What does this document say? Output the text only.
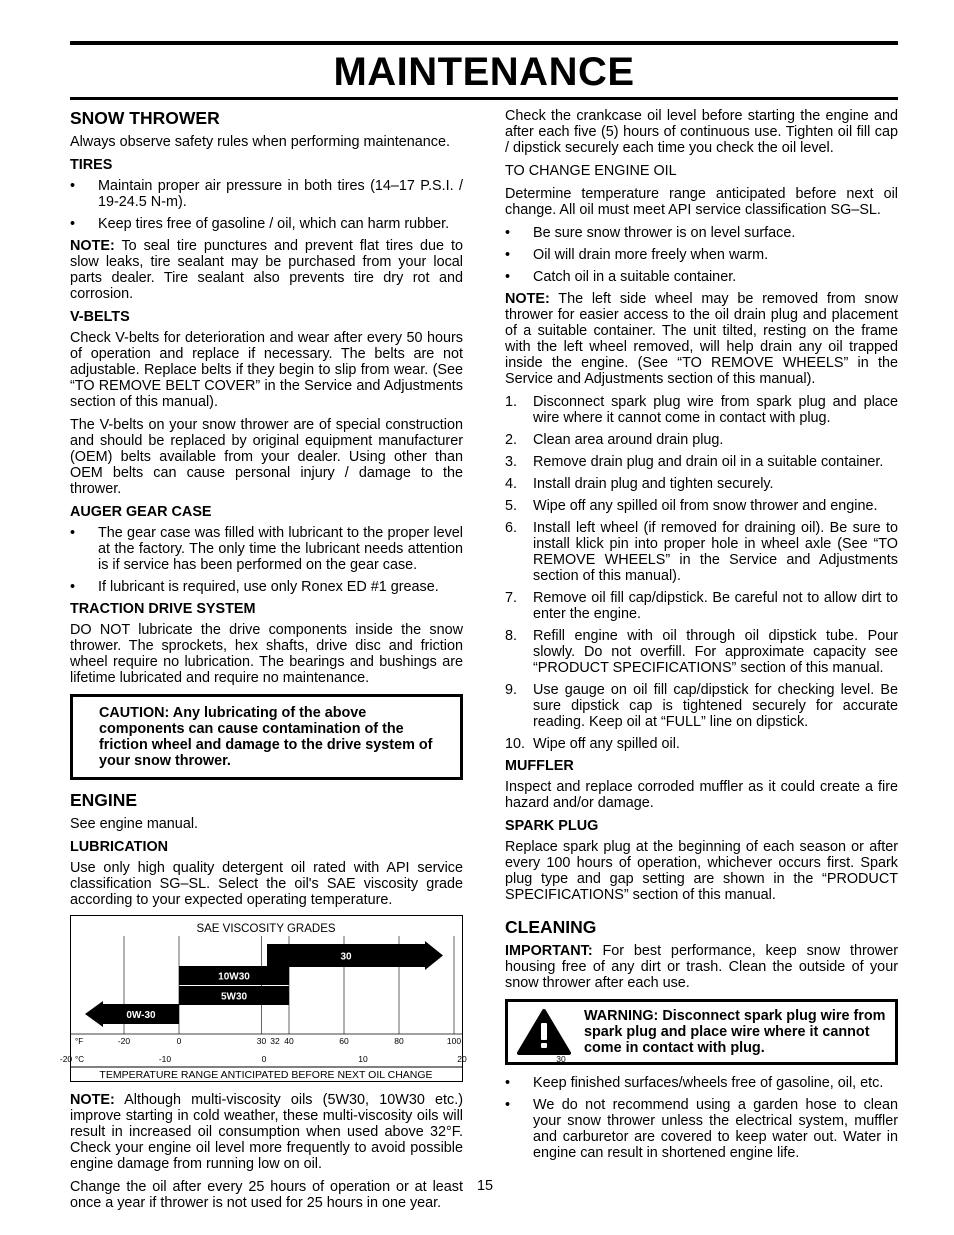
MAINTENANCE
SNOW THROWER

Always observe safety rules when performing maintenance.

TIRES
• Maintain proper air pressure in both tires (14–17 P.S.I. / 19-24.5 N-m).
• Keep tires free of gasoline / oil, which can harm rubber.

NOTE: To seal tire punctures and prevent flat tires due to slow leaks, tire sealant may be purchased from your local parts dealer. Tire sealant also prevents tire dry rot and corrosion.

V-BELTS

Check V-belts for deterioration and wear after every 50 hours of operation and replace if necessary. The belts are not adjustable. Replace belts if they begin to slip from wear. (See “TO REMOVE BELT COVER” in the Service and Adjustments section of this manual).

The V-belts on your snow thrower are of special construction and should be replaced by original equipment manufacturer (OEM) belts available from your dealer. Using other than OEM belts can cause personal injury / damage to the thrower.

AUGER GEAR CASE
• The gear case was filled with lubricant to the proper level at the factory. The only time the lubricant needs attention is if service has been performed on the gear case.
• If lubricant is required, use only Ronex ED #1 grease.
TRACTION DRIVE SYSTEM

DO NOT lubricate the drive components inside the snow thrower. The sprockets, hex shafts, drive disc and friction wheel require no lubrication. The bearings and bushings are lifetime lubricated and require no maintenance.

CAUTION: Any lubricating of the above components can cause contamination of the friction wheel and damage to the drive system of your snow thrower.
ENGINE

See engine manual.

LUBRICATION

Use only high quality detergent oil rated with API service classification SG–SL. Select the oil's SAE viscosity grade according to your expected operating temperature.

SAE VISCOSITY GRADES
30
10W30
5W30
0W-30
-20	0	30 32 40	60	80	100
-20	-10	0	10	20	30
°F
°C
TEMPERATURE RANGE ANTICIPATED BEFORE NEXT OIL CHANGE

NOTE: Although multi-viscosity oils (5W30, 10W30 etc.) improve starting in cold weather, these multi-viscosity oils will result in increased oil consumption when used above 32°F. Check your engine oil level more frequently to avoid possible engine damage from running low on oil.

Change the oil after every 25 hours of operation or at least once a year if thrower is not used for 25 hours in one year.

Check the crankcase oil level before starting the engine and after each five (5) hours of continuous use. Tighten oil fill cap / dipstick securely each time you check the oil level.

TO CHANGE ENGINE OIL

Determine temperature range anticipated before next oil change. All oil must meet API service classification SG–SL.

• Be sure snow thrower is on level surface.
• Oil will drain more freely when warm.
• Catch oil in a suitable container.

NOTE: The left side wheel may be removed from snow thrower for easier access to the oil drain plug and placement of a suitable container. The unit tilted, resting on the frame with the left wheel removed, will help drain any oil trapped inside the engine. (See “TO REMOVE WHEELS” in the Service and Adjustments section of this manual).

1. Disconnect spark plug wire from spark plug and place wire where it cannot come in contact with plug.
2. Clean area around drain plug.
3. Remove drain plug and drain oil in a suitable container.
4. Install drain plug and tighten securely.
5. Wipe off any spilled oil from snow thrower and engine.
6. Install left wheel (if removed for draining oil). Be sure to install klick pin into proper hole in wheel axle (See “TO REMOVE WHEELS” in the Service and Adjustments section of this manual).
7. Remove oil fill cap/dipstick. Be careful not to allow dirt to enter the engine.
8. Refill engine with oil through oil dipstick tube. Pour slowly. Do not overfill. For approximate capacity see “PRODUCT SPECIFICATIONS” section of this manual.
9. Use gauge on oil fill cap/dipstick for checking level. Be sure dipstick cap is tightened securely for accurate reading. Keep oil at “FULL” line on dipstick.
10. Wipe off any spilled oil.
MUFFLER

Inspect and replace corroded muffler as it could create a fire hazard and/or damage.

SPARK PLUG

Replace spark plug at the beginning of each season or after every 100 hours of operation, whichever occurs first. Spark plug type and gap setting are shown in the “PRODUCT SPECIFICATIONS” section of this manual.

CLEANING

IMPORTANT: For best performance, keep snow thrower housing free of any dirt or trash. Clean the outside of your snow thrower after each use.

WARNING: Disconnect spark plug wire from spark plug and place wire where it cannot come in contact with plug.
• Keep finished surfaces/wheels free of gasoline, oil, etc.
• We do not recommend using a garden hose to clean your snow thrower unless the electrical system, muffler and carburetor are covered to keep water out. Water in engine can result in shortened engine life.
15
